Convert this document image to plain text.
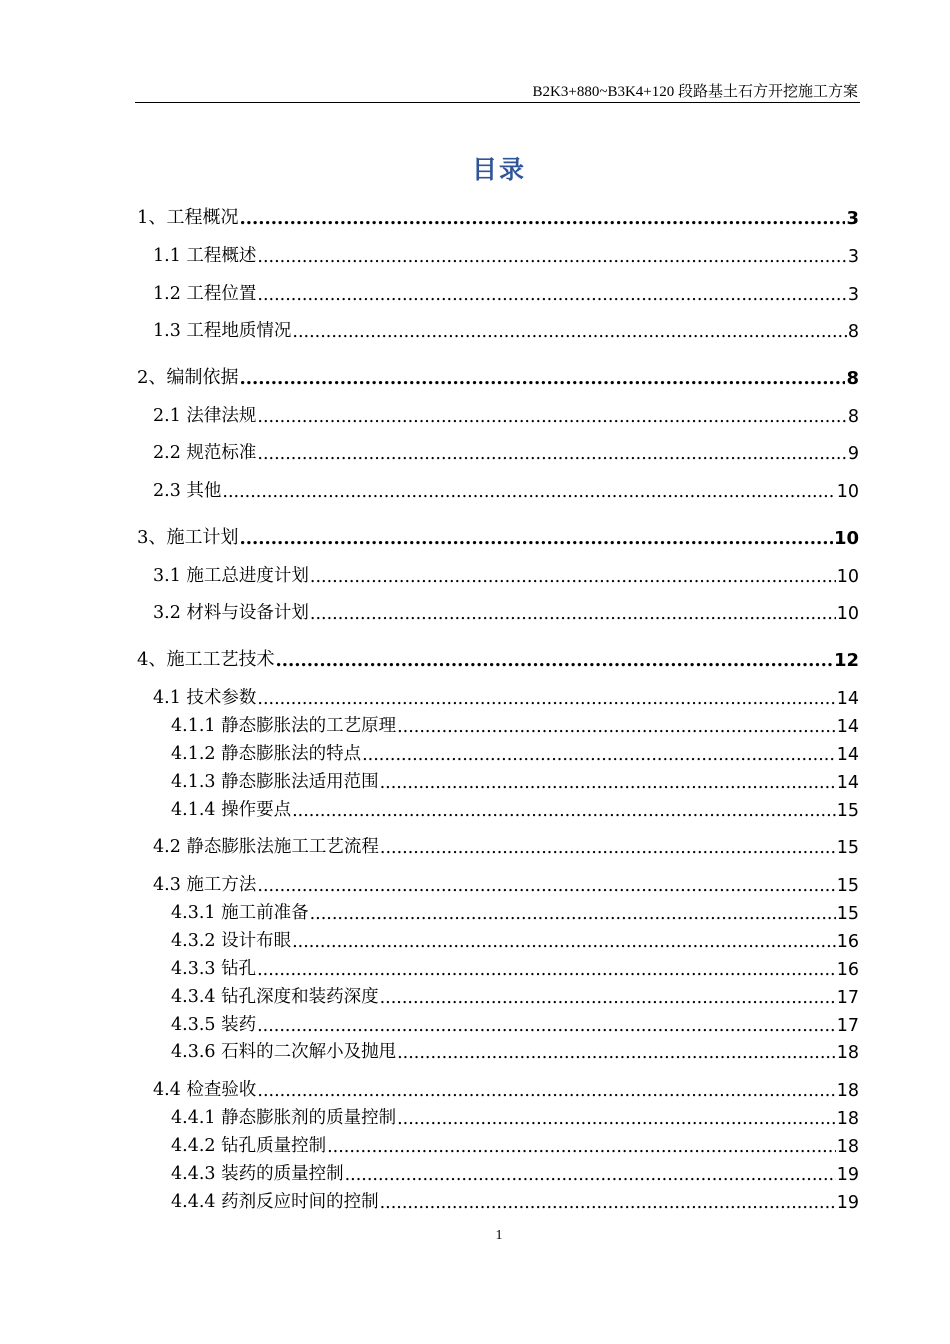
B2K3+880~B3K4+120 段路基土石方开挖施工方案
目录
1、工程概况 .....	3
1.1 工程概述 .....	3
1.2 工程位置 .....	3
1.3 工程地质情况 .....	8
2、编制依据 .....	8
2.1 法律法规 .....	8
2.2 规范标准 .....	9
2.3 其他 .....	10
3、施工计划 .....	10
3.1 施工总进度计划 .....	10
3.2 材料与设备计划 .....	10
4、施工工艺技术 .....	12
4.1 技术参数 .....	14
4.1.1 静态膨胀法的工艺原理 .....	14
4.1.2 静态膨胀法的特点 .....	14
4.1.3 静态膨胀法适用范围 .....	14
4.1.4 操作要点 .....	15
4.2 静态膨胀法施工工艺流程 .....	15
4.3 施工方法 .....	15
4.3.1 施工前准备 .....	15
4.3.2 设计布眼 .....	16
4.3.3 钻孔 .....	16
4.3.4 钻孔深度和装药深度 .....	17
4.3.5 装药 .....	17
4.3.6 石料的二次解小及抛甩 .....	18
4.4 检查验收 .....	18
4.4.1 静态膨胀剂的质量控制 .....	18
4.4.2 钻孔质量控制 .....	18
4.4.3 装药的质量控制 .....	19
4.4.4 药剂反应时间的控制 .....	19
1
